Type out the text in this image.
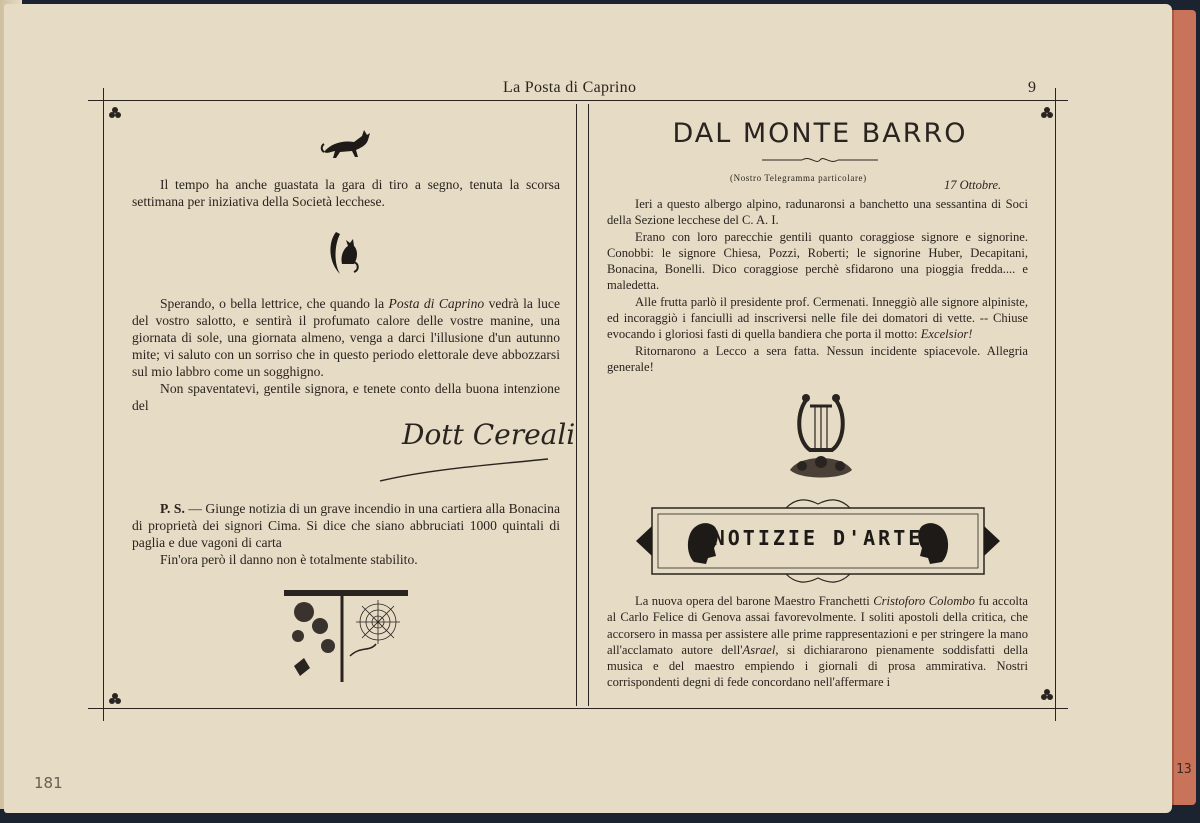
13
La Posta di Caprino	9

Il tempo ha anche guastata la gara di tiro a segno, tenuta la scorsa settimana per iniziativa della Società lecchese.

Sperando, o bella lettrice, che quando la Posta di Caprino vedrà la luce del vostro salotto, e sentirà il profumato calore delle vostre manine, una giornata di sole, una giornata almeno, venga a darci l'illusione d'un autunno mite; vi saluto con un sorriso che in questo periodo elettorale deve abbozzarsi sul mio labbro come un sogghigno.

Non spaventatevi, gentile signora, e tenete conto della buona intenzione del

Dott Cereali

P. S. — Giunge notizia di un grave incendio in una cartiera alla Bonacina di proprietà dei signori Cima. Si dice che siano abbruciati 1000 quintali di paglia e due vagoni di carta

Fin'ora però il danno non è totalmente stabilito.

DAL MONTE BARRO
(Nostro Telegramma particolare)	17 Ottobre.

Ieri a questo albergo alpino, radunaronsi a banchetto una sessantina di Soci della Sezione lecchese del C. A. I.

Erano con loro parecchie gentili quanto coraggiose signore e signorine. Conobbi: le signore Chiesa, Pozzi, Roberti; le signorine Huber, Decapitani, Bonacina, Bonelli. Dico coraggiose perchè sfidarono una pioggia fredda.... e maledetta.

Alle frutta parlò il presidente prof. Cermenati. Inneggiò alle signore alpiniste, ed incoraggiò i fanciulli ad inscriversi nelle file dei domatori di vette. -- Chiuse evocando i gloriosi fasti di quella bandiera che porta il motto: Excelsior!

Ritornarono a Lecco a sera fatta. Nessun incidente spiacevole. Allegria generale!

NOTIZIE D'ARTE

La nuova opera del barone Maestro Franchetti Cristoforo Colombo fu accolta al Carlo Felice di Genova assai favorevolmente. I soliti apostoli della critica, che accorsero in massa per assistere alle prime rappresentazioni e per stringere la mano all'acclamato autore dell'Asrael, si dichiararono pienamente soddisfatti della musica e del maestro empiendo i giornali di prosa ammirativa. Nostri corrispondenti degni di fede concordano nell'affermare i

181
